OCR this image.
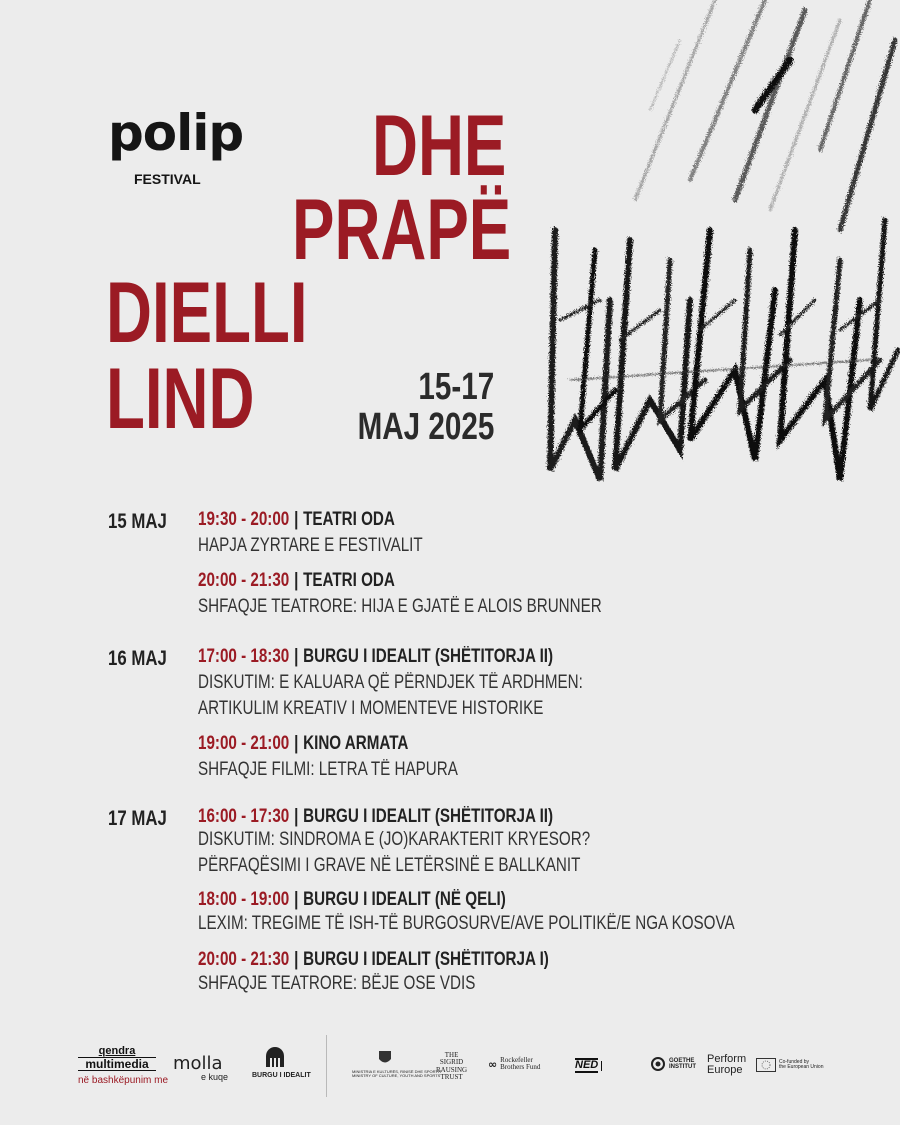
polip
FESTIVAL DHE
PRAPË
DIELLI
LIND	15-17
MAJ 2025
15 MAJ 19:30 - 20:00 | TEATRI ODA
HAPJA ZYRTARE E FESTIVALIT
20:00 - 21:30 | TEATRI ODA
SHFAQJE TEATRORE: HIJA E GJATË E ALOIS BRUNNER
16 MAJ 17:00 - 18:30 | BURGU I IDEALIT (SHËTITORJA II)
DISKUTIM: E KALUARA QË PËRNDJEK TË ARDHMEN:
ARTIKULIM KREATIV I MOMENTEVE HISTORIKE
19:00 - 21:00 | KINO ARMATA
SHFAQJE FILMI: LETRA TË HAPURA
17 MAJ 16:00 - 17:30 | BURGU I IDEALIT (SHËTITORJA II)
DISKUTIM: SINDROMA E (JO)KARAKTERIT KRYESOR?
PËRFAQËSIMI I GRAVE NË LETËRSINË E BALLKANIT
18:00 - 19:00 | BURGU I IDEALIT (NË QELI)
LEXIM: TREGIME TË ISH-TË BURGOSURVE/AVE POLITIKË/E NGA KOSOVA
20:00 - 21:30 | BURGU I IDEALIT (SHËTITORJA I)
SHFAQJE TEATRORE: BËJE OSE VDIS
qendra
multimedia
në bashkëpunim me
molla
e kuqe	BURGU I IDEALIT
MINISTRIA E KULTURËS, RINISË DHE SPORTIT
MINISTRY OF CULTURE, YOUTH AND SPORTS
THE
SIGRID
RAUSING
TRUST
∞ Rockefeller
Brothers Fund	NED	GOETHE
INSTITUT
Perform
Europe
Co-funded by
the European Union
